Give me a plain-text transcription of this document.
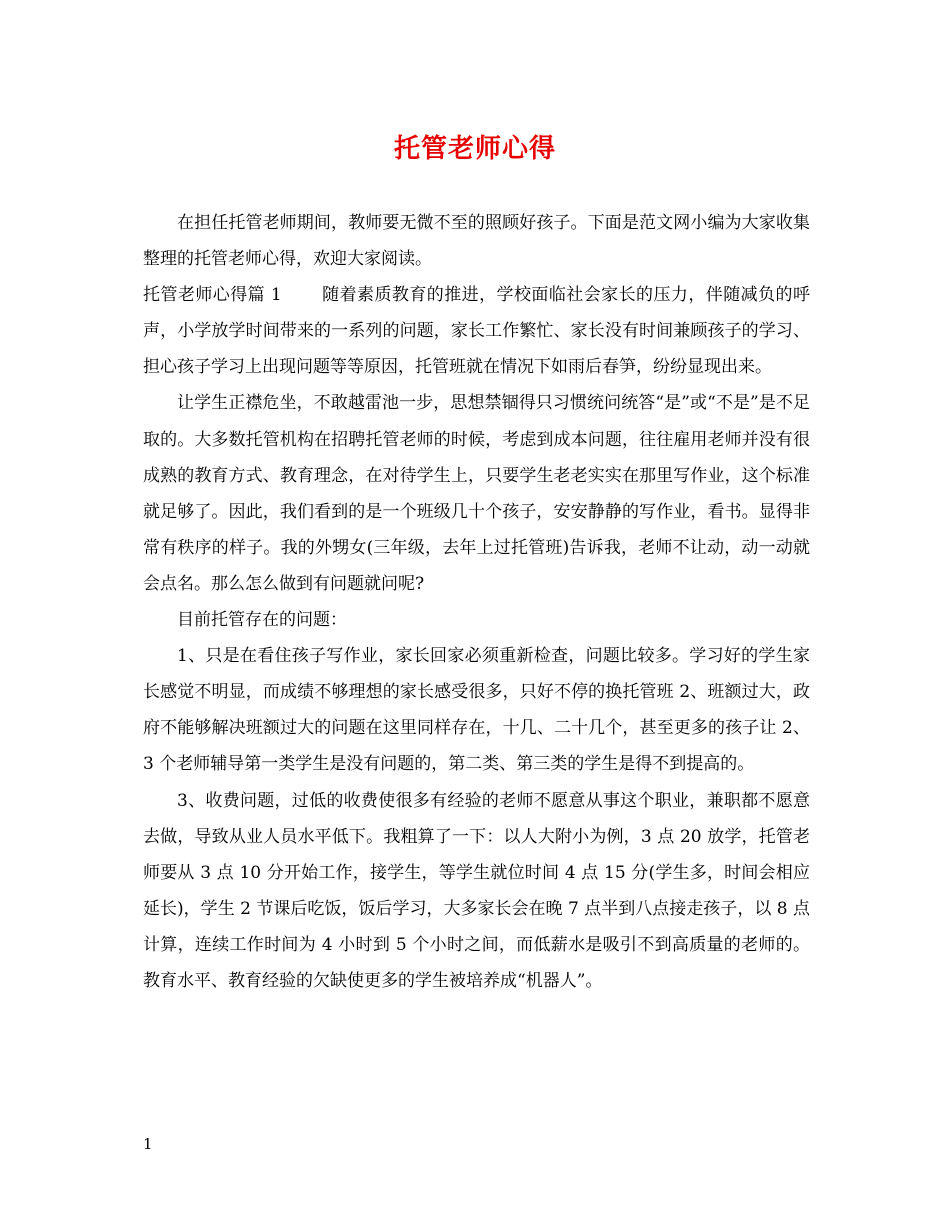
托管老师心得

在担任托管老师期间，教师要无微不至的照顾好孩子。下面是范文网小编为大家收集整理的托管老师心得，欢迎大家阅读。

托管老师心得篇 1 随着素质教育的推进，学校面临社会家长的压力，伴随减负的呼声，小学放学时间带来的一系列的问题，家长工作繁忙、家长没有时间兼顾孩子的学习、担心孩子学习上出现问题等等原因，托管班就在情况下如雨后春笋，纷纷显现出来。

让学生正襟危坐，不敢越雷池一步，思想禁锢得只习惯统问统答“是”或“不是”是不足取的。大多数托管机构在招聘托管老师的时候，考虑到成本问题，往往雇用老师并没有很成熟的教育方式、教育理念，在对待学生上，只要学生老老实实在那里写作业，这个标准就足够了。因此，我们看到的是一个班级几十个孩子，安安静静的写作业，看书。显得非常有秩序的样子。我的外甥女(三年级，去年上过托管班)告诉我，老师不让动，动一动就会点名。那么怎么做到有问题就问呢?

目前托管存在的问题：

1、只是在看住孩子写作业，家长回家必须重新检查，问题比较多。学习好的学生家长感觉不明显，而成绩不够理想的家长感受很多，只好不停的换托管班 2、班额过大，政府不能够解决班额过大的问题在这里同样存在，十几、二十几个，甚至更多的孩子让 2、3 个老师辅导第一类学生是没有问题的，第二类、第三类的学生是得不到提高的。

3、收费问题，过低的收费使很多有经验的老师不愿意从事这个职业，兼职都不愿意去做，导致从业人员水平低下。我粗算了一下：以人大附小为例，3 点 20 放学，托管老师要从 3 点 10 分开始工作，接学生，等学生就位时间 4 点 15 分(学生多，时间会相应延长)，学生 2 节课后吃饭，饭后学习，大多家长会在晚 7 点半到八点接走孩子，以 8 点计算，连续工作时间为 4 小时到 5 个小时之间，而低薪水是吸引不到高质量的老师的。教育水平、教育经验的欠缺使更多的学生被培养成“机器人”。

1
